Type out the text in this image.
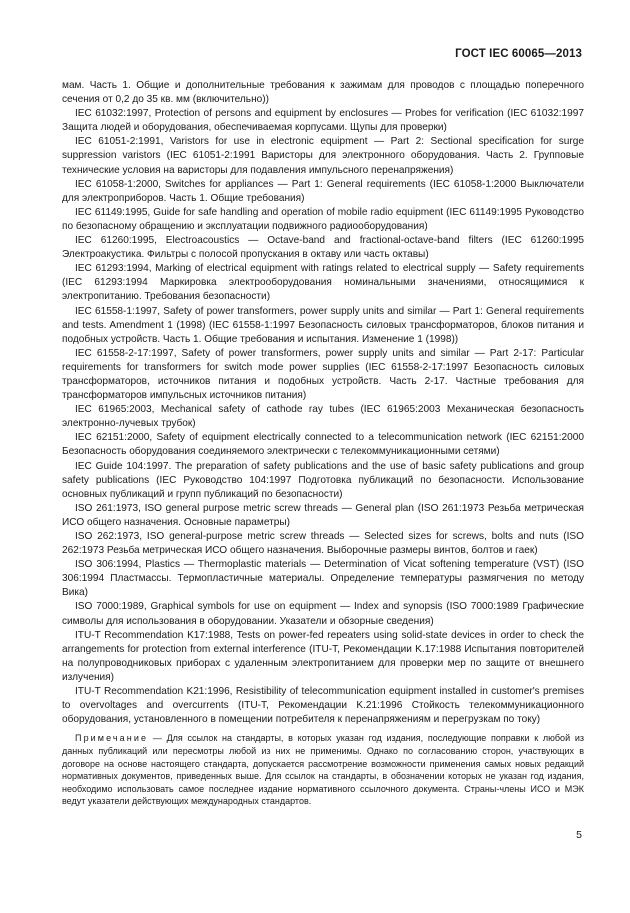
ГОСТ IEC 60065—2013

мам. Часть 1. Общие и дополнительные требования к зажимам для проводов с площадью поперечного сечения от 0,2 до 35 кв. мм (включительно))

IEC 61032:1997, Protection of persons and equipment by enclosures — Probes for verification (IEC 61032:1997 Защита людей и оборудования, обеспечиваемая корпусами. Щупы для проверки)

IEC 61051-2:1991, Varistors for use in electronic equipment — Part 2: Sectional specification for surge suppression varistors (IEC 61051-2:1991 Варисторы для электронного оборудования. Часть 2. Групповые технические условия на варисторы для подавления импульсного перенапряжения)

IEC 61058-1:2000, Switches for appliances — Part 1: General requirements (IEC 61058-1:2000 Выключатели для электроприборов. Часть 1. Общие требования)

IEC 61149:1995, Guide for safe handling and operation of mobile radio equipment (IEC 61149:1995 Руководство по безопасному обращению и эксплуатации подвижного радиооборудования)

IEC 61260:1995, Electroacoustics — Octave-band and fractional-octave-band filters (IEC 61260:1995 Электроакустика. Фильтры с полосой пропускания в октаву или часть октавы)

IEC 61293:1994, Marking of electrical equipment with ratings related to electrical supply — Safety requirements (IEC 61293:1994 Маркировка электрооборудования номинальными значениями, относящимися к электропитанию. Требования безопасности)

IEC 61558-1:1997, Safety of power transformers, power supply units and similar — Part 1: General requirements and tests. Amendment 1 (1998) (IEC 61558-1:1997 Безопасность силовых трансформаторов, блоков питания и подобных устройств. Часть 1. Общие требования и испытания. Изменение 1 (1998))

IEC 61558-2-17:1997, Safety of power transformers, power supply units and similar — Part 2-17: Particular requirements for transformers for switch mode power supplies (IEC 61558-2-17:1997 Безопасность силовых трансформаторов, источников питания и подобных устройств. Часть 2-17. Частные требования для трансформаторов импульсных источников питания)

IEC 61965:2003, Mechanical safety of cathode ray tubes (IEC 61965:2003 Механическая безопасность электронно-лучевых трубок)

IEC 62151:2000, Safety of equipment electrically connected to a telecommunication network (IEC 62151:2000 Безопасность оборудования соединяемого электрически с телекоммуникационными сетями)

IEC Guide 104:1997. The preparation of safety publications and the use of basic safety publications and group safety publications (IEC Руководство 104:1997 Подготовка публикаций по безопасности. Использование основных публикаций и групп публикаций по безопасности)

ISO 261:1973, ISO general purpose metric screw threads — General plan (ISO 261:1973 Резьба метрическая ИСО общего назначения. Основные параметры)

ISO 262:1973, ISO general-purpose metric screw threads — Selected sizes for screws, bolts and nuts (ISO 262:1973 Резьба метрическая ИСО общего назначения. Выборочные размеры винтов, болтов и гаек)

ISO 306:1994, Plastics — Thermoplastic materials — Determination of Vicat softening temperature (VST) (ISO 306:1994 Пластмассы. Термопластичные материалы. Определение температуры размягчения по методу Вика)

ISO 7000:1989, Graphical symbols for use on equipment — Index and synopsis (ISO 7000:1989 Графические символы для использования в оборудовании. Указатели и обзорные сведения)

ITU-T Recommendation K17:1988, Tests on power-fed repeaters using solid-state devices in order to check the arrangements for protection from external interference (ITU-T, Рекомендации K.17:1988 Испытания повторителей на полупроводниковых приборах с удаленным электропитанием для проверки мер по защите от внешнего излучения)

ITU-T Recommendation K21:1996, Resistibility of telecommunication equipment installed in customer's premises to overvoltages and overcurrents (ITU-T, Рекомендации K.21:1996 Стойкость телекоммуникационного оборудования, установленного в помещении потребителя к перенапряжениям и перегрузкам по току)

Примечание — Для ссылок на стандарты, в которых указан год издания, последующие поправки к любой из данных публикаций или пересмотры любой из них не применимы. Однако по согласованию сторон, участвующих в договоре на основе настоящего стандарта, допускается рассмотрение возможности применения самых новых редакций нормативных документов, приведенных выше. Для ссылок на стандарты, в обозначении которых не указан год издания, необходимо использовать самое последнее издание нормативного ссылочного документа. Страны-члены ИСО и МЭК ведут указатели действующих международных стандартов.

5
